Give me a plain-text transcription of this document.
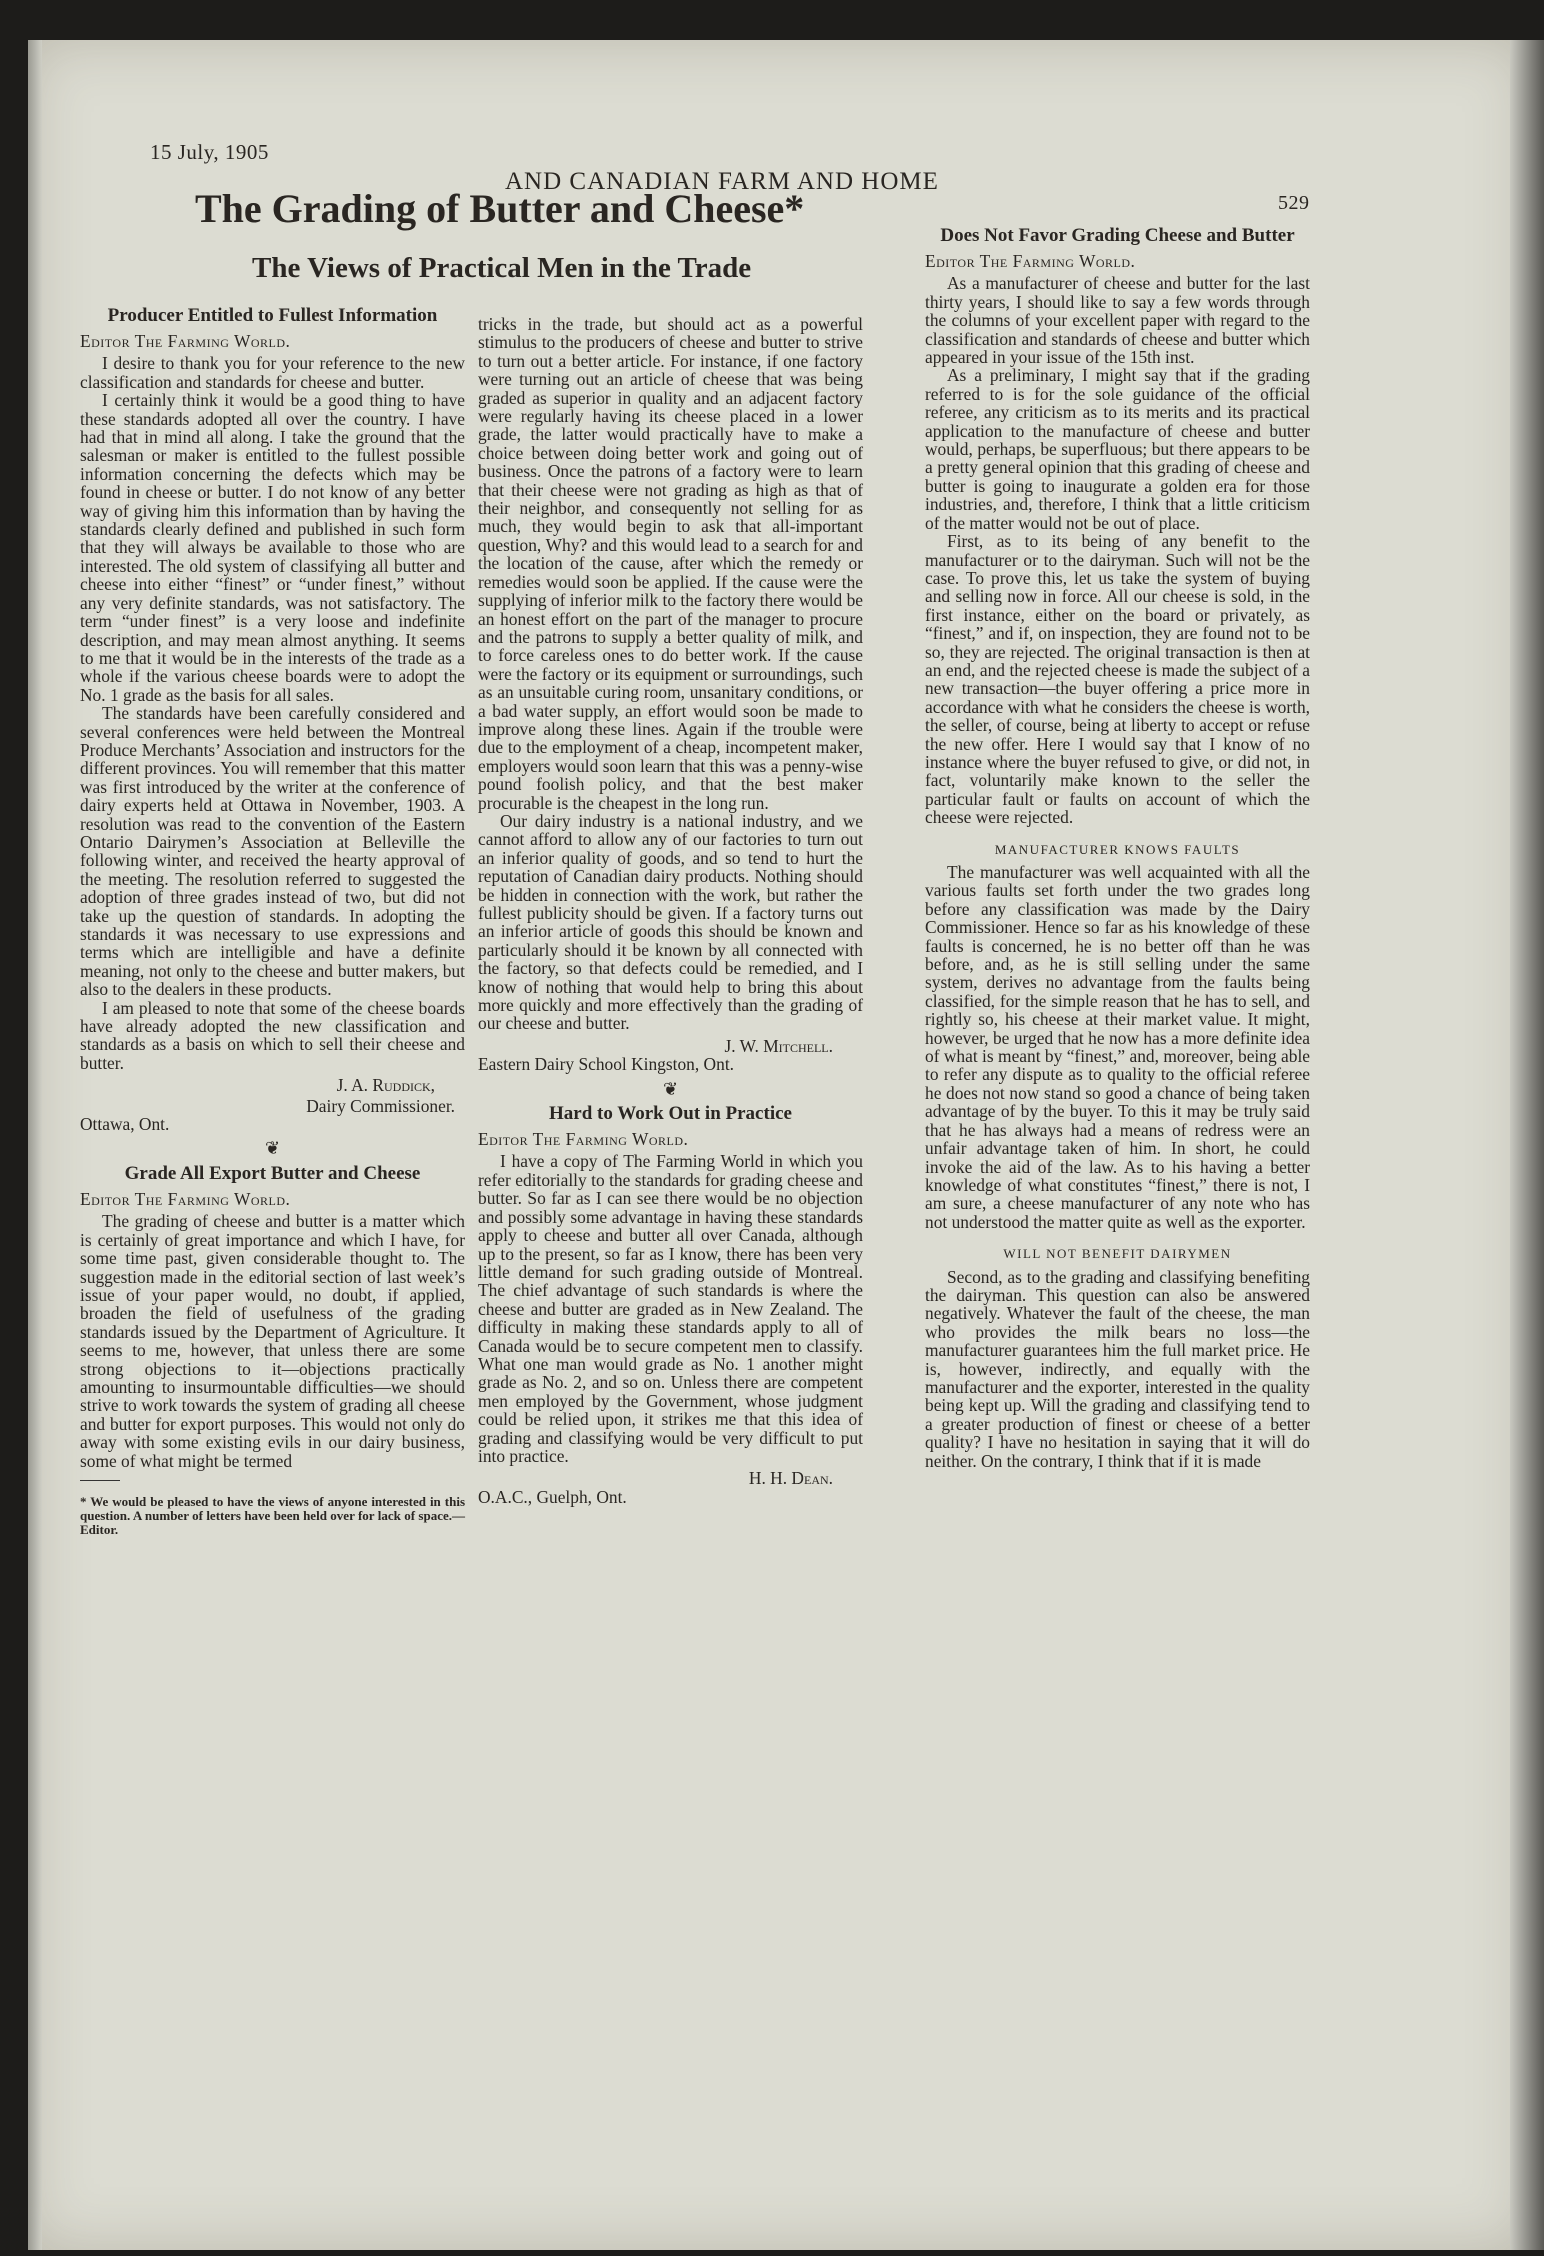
15 July, 1905
AND CANADIAN FARM AND HOME
529
The Grading of Butter and Cheese*
The Views of Practical Men in the Trade
Producer Entitled to Fullest Information
Editor The Farming World.

I desire to thank you for your reference to the new classification and standards for cheese and butter.

I certainly think it would be a good thing to have these standards adopted all over the country. I have had that in mind all along. I take the ground that the salesman or maker is entitled to the fullest possible information concerning the defects which may be found in cheese or butter. I do not know of any better way of giving him this information than by having the standards clearly defined and published in such form that they will always be available to those who are interested. The old system of classifying all butter and cheese into either “finest” or “under finest,” without any very definite standards, was not satisfactory. The term “under finest” is a very loose and indefinite description, and may mean almost anything. It seems to me that it would be in the interests of the trade as a whole if the various cheese boards were to adopt the No. 1 grade as the basis for all sales.

The standards have been carefully considered and several conferences were held between the Montreal Produce Merchants’ Association and instructors for the different provinces. You will remember that this matter was first introduced by the writer at the conference of dairy experts held at Ottawa in November, 1903. A resolution was read to the convention of the Eastern Ontario Dairymen’s Association at Belleville the following winter, and received the hearty approval of the meeting. The resolution referred to suggested the adoption of three grades instead of two, but did not take up the question of standards. In adopting the standards it was necessary to use expressions and terms which are intelligible and have a definite meaning, not only to the cheese and butter makers, but also to the dealers in these products.

I am pleased to note that some of the cheese boards have already adopted the new classification and standards as a basis on which to sell their cheese and butter.

J. A. Ruddick,
Dairy Commissioner.
Ottawa, Ont.
❦
Grade All Export Butter and Cheese
Editor The Farming World.

The grading of cheese and butter is a matter which is certainly of great importance and which I have, for some time past, given considerable thought to. The suggestion made in the editorial section of last week’s issue of your paper would, no doubt, if applied, broaden the field of usefulness of the grading standards issued by the Department of Agriculture. It seems to me, however, that unless there are some strong objections to it—objections practically amounting to insurmountable difficulties—we should strive to work towards the system of grading all cheese and butter for export purposes. This would not only do away with some existing evils in our dairy business, some of what might be termed

* We would be pleased to have the views of anyone interested in this question. A number of letters have been held over for lack of space.—Editor.

tricks in the trade, but should act as a powerful stimulus to the producers of cheese and butter to strive to turn out a better article. For instance, if one factory were turning out an article of cheese that was being graded as superior in quality and an adjacent factory were regularly having its cheese placed in a lower grade, the latter would practically have to make a choice between doing better work and going out of business. Once the patrons of a factory were to learn that their cheese were not grading as high as that of their neighbor, and consequently not selling for as much, they would begin to ask that all-important question, Why? and this would lead to a search for and the location of the cause, after which the remedy or remedies would soon be applied. If the cause were the supplying of inferior milk to the factory there would be an honest effort on the part of the manager to procure and the patrons to supply a better quality of milk, and to force careless ones to do better work. If the cause were the factory or its equipment or surroundings, such as an unsuitable curing room, unsanitary conditions, or a bad water supply, an effort would soon be made to improve along these lines. Again if the trouble were due to the employment of a cheap, incompetent maker, employers would soon learn that this was a penny-wise pound foolish policy, and that the best maker procurable is the cheapest in the long run.

Our dairy industry is a national industry, and we cannot afford to allow any of our factories to turn out an inferior quality of goods, and so tend to hurt the reputation of Canadian dairy products. Nothing should be hidden in connection with the work, but rather the fullest publicity should be given. If a factory turns out an inferior article of goods this should be known and particularly should it be known by all connected with the factory, so that defects could be remedied, and I know of nothing that would help to bring this about more quickly and more effectively than the grading of our cheese and butter.

J. W. Mitchell.
Eastern Dairy School Kingston, Ont.
❦
Hard to Work Out in Practice
Editor The Farming World.

I have a copy of The Farming World in which you refer editorially to the standards for grading cheese and butter. So far as I can see there would be no objection and possibly some advantage in having these standards apply to cheese and butter all over Canada, although up to the present, so far as I know, there has been very little demand for such grading outside of Montreal. The chief advantage of such standards is where the cheese and butter are graded as in New Zealand. The difficulty in making these standards apply to all of Canada would be to secure competent men to classify. What one man would grade as No. 1 another might grade as No. 2, and so on. Unless there are competent men employed by the Government, whose judgment could be relied upon, it strikes me that this idea of grading and classifying would be very difficult to put into practice.

H. H. Dean.
O.A.C., Guelph, Ont.
Does Not Favor Grading Cheese and Butter
Editor The Farming World.

As a manufacturer of cheese and butter for the last thirty years, I should like to say a few words through the columns of your excellent paper with regard to the classification and standards of cheese and butter which appeared in your issue of the 15th inst.

As a preliminary, I might say that if the grading referred to is for the sole guidance of the official referee, any criticism as to its merits and its practical application to the manufacture of cheese and butter would, perhaps, be superfluous; but there appears to be a pretty general opinion that this grading of cheese and butter is going to inaugurate a golden era for those industries, and, therefore, I think that a little criticism of the matter would not be out of place.

First, as to its being of any benefit to the manufacturer or to the dairyman. Such will not be the case. To prove this, let us take the system of buying and selling now in force. All our cheese is sold, in the first instance, either on the board or privately, as “finest,” and if, on inspection, they are found not to be so, they are rejected. The original transaction is then at an end, and the rejected cheese is made the subject of a new transaction—the buyer offering a price more in accordance with what he considers the cheese is worth, the seller, of course, being at liberty to accept or refuse the new offer. Here I would say that I know of no instance where the buyer refused to give, or did not, in fact, voluntarily make known to the seller the particular fault or faults on account of which the cheese were rejected.

MANUFACTURER KNOWS FAULTS

The manufacturer was well acquainted with all the various faults set forth under the two grades long before any classification was made by the Dairy Commissioner. Hence so far as his knowledge of these faults is concerned, he is no better off than he was before, and, as he is still selling under the same system, derives no advantage from the faults being classified, for the simple reason that he has to sell, and rightly so, his cheese at their market value. It might, however, be urged that he now has a more definite idea of what is meant by “finest,” and, moreover, being able to refer any dispute as to quality to the official referee he does not now stand so good a chance of being taken advantage of by the buyer. To this it may be truly said that he has always had a means of redress were an unfair advantage taken of him. In short, he could invoke the aid of the law. As to his having a better knowledge of what constitutes “finest,” there is not, I am sure, a cheese manufacturer of any note who has not understood the matter quite as well as the exporter.

WILL NOT BENEFIT DAIRYMEN

Second, as to the grading and classifying benefiting the dairyman. This question can also be answered negatively. Whatever the fault of the cheese, the man who provides the milk bears no loss—the manufacturer guarantees him the full market price. He is, however, indirectly, and equally with the manufacturer and the exporter, interested in the quality being kept up. Will the grading and classifying tend to a greater production of finest or cheese of a better quality? I have no hesitation in saying that it will do neither. On the contrary, I think that if it is made
